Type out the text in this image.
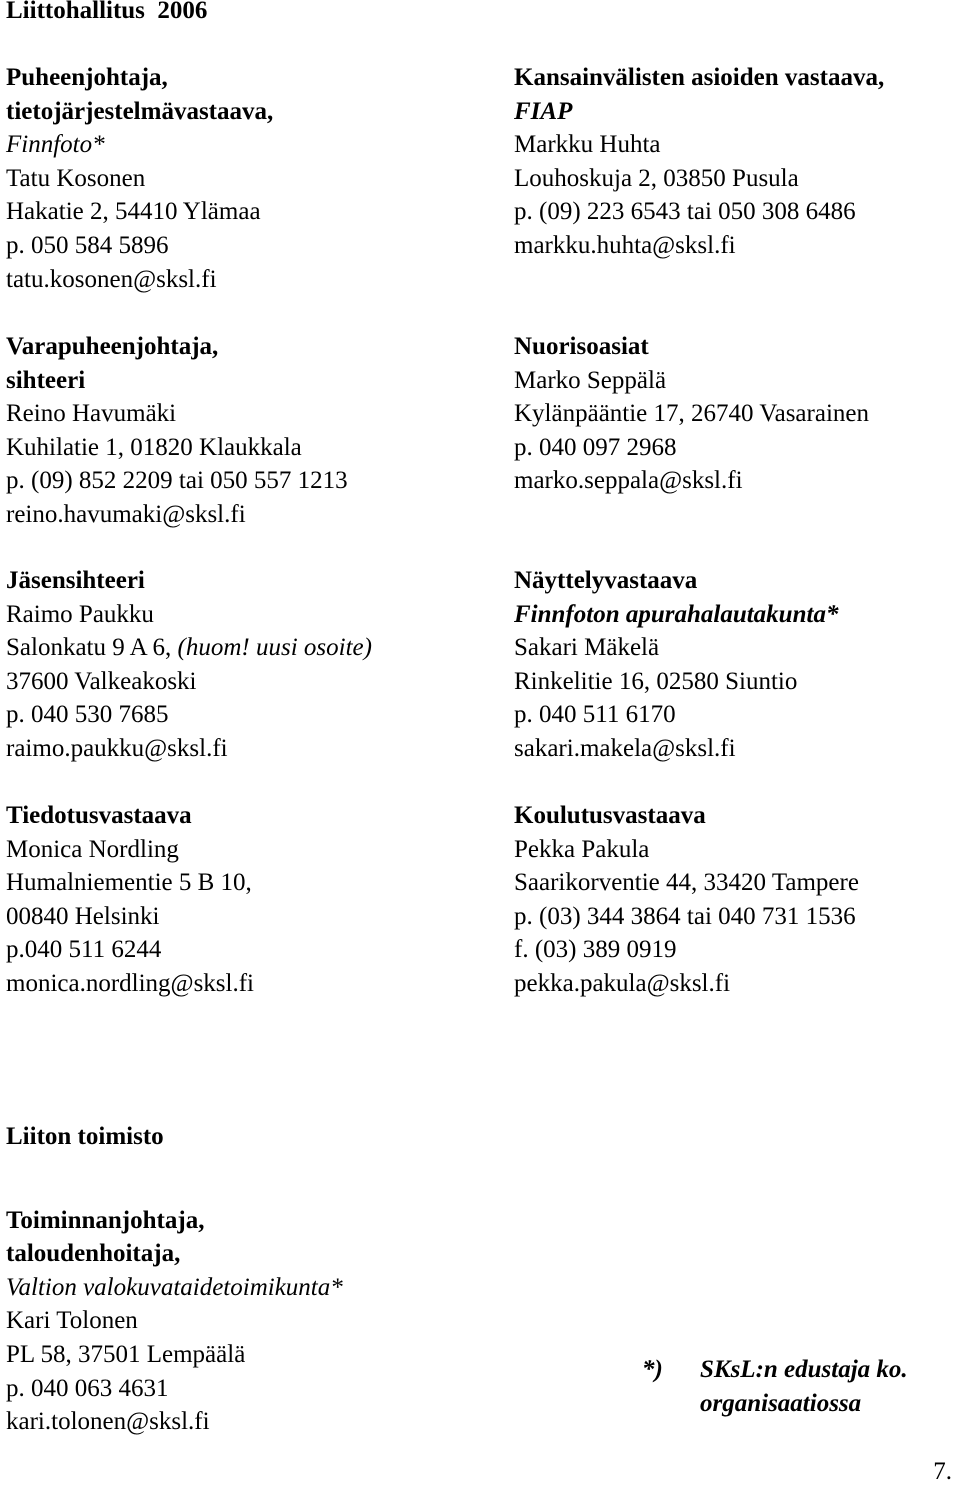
Liittohallitus  2006
Puheenjohtaja,
tietojärjestelmävastaava,
Finnfoto*
Tatu Kosonen
Hakatie 2, 54410 Ylämaa
p. 050 584 5896
tatu.kosonen@sksl.fi
Varapuheenjohtaja,
sihteeri
Reino Havumäki
Kuhilatie 1, 01820 Klaukkala
p. (09) 852 2209 tai 050 557 1213
reino.havumaki@sksl.fi
Jäsensihteeri
Raimo Paukku
Salonkatu 9 A 6, (huom! uusi osoite)
37600 Valkeakoski
p. 040 530 7685
raimo.paukku@sksl.fi
Tiedotusvastaava
Monica Nordling
Humalniementie 5 B 10,
00840 Helsinki
p.040 511 6244
monica.nordling@sksl.fi
Kansainvälisten asioiden vastaava,
FIAP
Markku Huhta
Louhoskuja 2, 03850 Pusula
p. (09) 223 6543 tai 050 308 6486
markku.huhta@sksl.fi
Nuorisoasiat
Marko Seppälä
Kylänpääntie 17, 26740 Vasarainen
p. 040 097 2968
marko.seppala@sksl.fi
Näyttelyvastaava
Finnfoton apurahalautakunta*
Sakari Mäkelä
Rinkelitie 16, 02580 Siuntio
p. 040 511 6170
sakari.makela@sksl.fi
Koulutusvastaava
Pekka Pakula
Saarikorventie 44, 33420 Tampere
p. (03) 344 3864 tai 040 731 1536
f. (03) 389 0919
pekka.pakula@sksl.fi
Liiton toimisto
Toiminnanjohtaja,
taloudenhoitaja,
Valtion valokuvataidetoimikunta*
Kari Tolonen
PL 58, 37501 Lempäälä
p. 040 063 4631
kari.tolonen@sksl.fi
*)	SKsL:n edustaja ko.
organisaatiossa
7.
